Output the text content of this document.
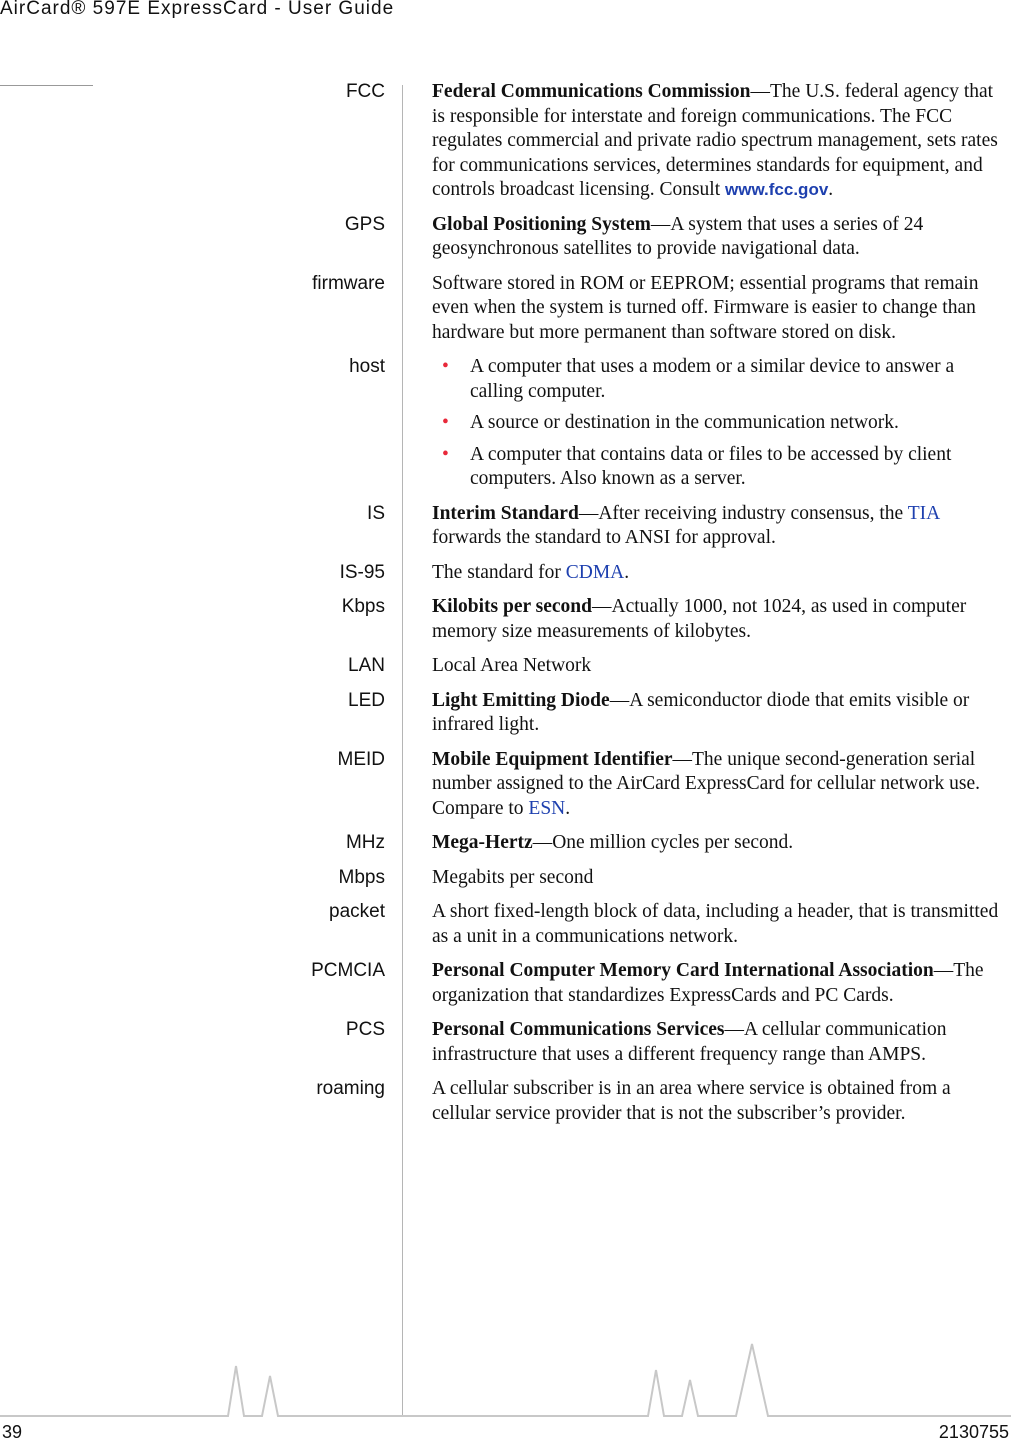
AirCard® 597E ExpressCard - User Guide
FCC Federal Communications Commission—The U.S. federal agency that is responsible for interstate and foreign communications. The FCC regulates commercial and private radio spectrum management, sets rates for communications services, determines standards for equipment, and controls broadcast licensing. Consult www.fcc.gov.
GPS Global Positioning System—A system that uses a series of 24 geosynchronous satellites to provide navigational data.
firmware Software stored in ROM or EEPROM; essential programs that remain even when the system is turned off. Firmware is easier to change than hardware but more permanent than software stored on disk.
host	• A computer that uses a modem or a similar device to answer a calling computer.
• A source or destination in the communication network.
• A computer that contains data or files to be accessed by client computers. Also known as a server.
IS Interim Standard—After receiving industry consensus, the TIA forwards the standard to ANSI for approval.
IS-95 The standard for CDMA.
Kbps Kilobits per second—Actually 1000, not 1024, as used in computer memory size measurements of kilobytes.
LAN Local Area Network
LED Light Emitting Diode—A semiconductor diode that emits visible or infrared light.
MEID Mobile Equipment Identifier—The unique second-generation serial number assigned to the AirCard ExpressCard for cellular network use. Compare to ESN.
MHz Mega-Hertz—One million cycles per second.
Mbps Megabits per second
packet A short fixed-length block of data, including a header, that is transmitted as a unit in a communications network.
PCMCIA Personal Computer Memory Card International Association—The organization that standardizes ExpressCards and PC Cards.
PCS Personal Communications Services—A cellular communication infrastructure that uses a different frequency range than AMPS.
roaming A cellular subscriber is in an area where service is obtained from a cellular service provider that is not the subscriber’s provider.
39	2130755
